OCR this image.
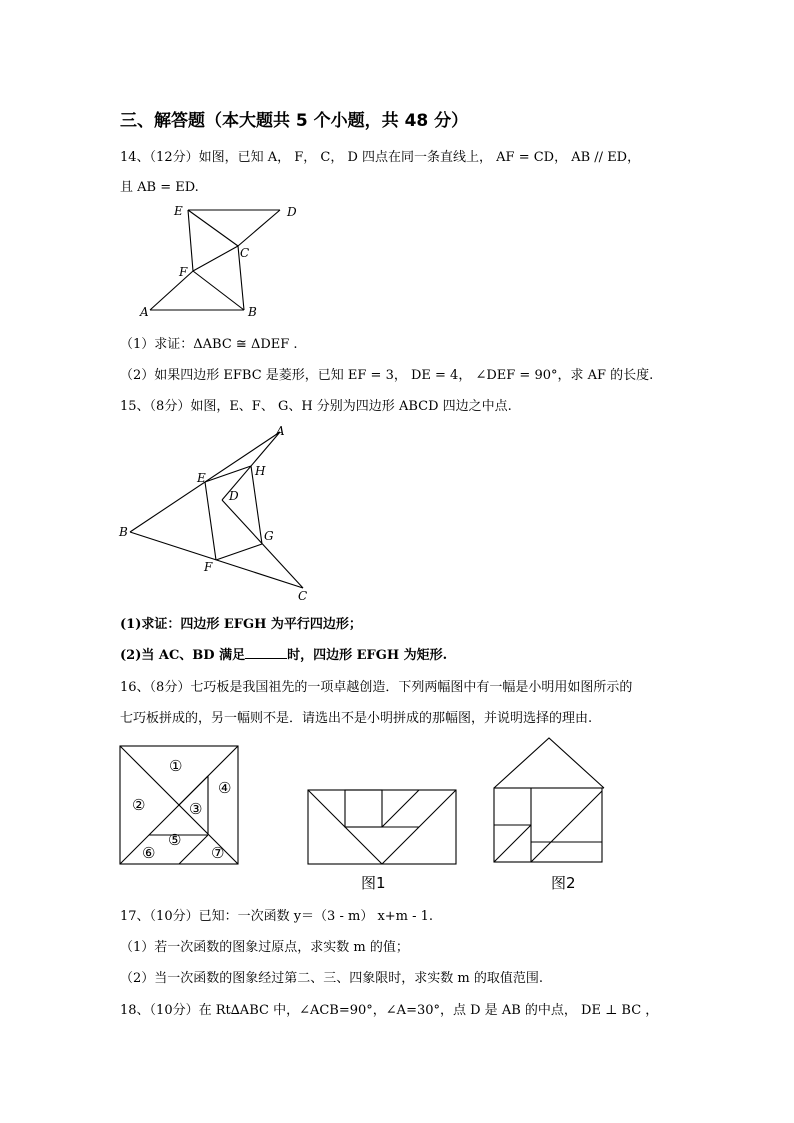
三、解答题（本大题共 5 个小题，共 48 分）
14、（12分）如图，已知 A， F， C， D 四点在同一条直线上， AF = CD， AB // ED，
且 AB = ED.
E	D
C
F
A	B
（1）求证：ΔABC ≅ ΔDEF .
（2）如果四边形 EFBC 是菱形，已知 EF = 3， DE = 4， ∠DEF = 90°，求 AF 的长度.
15、（8分）如图，E、F、 G、H 分别为四边形 ABCD 四边之中点.
A
H
E
D
B	G
F
C
(1)求证：四边形 EFGH 为平行四边形；
(2)当 AC、BD 满足	时，四边形 EFGH 为矩形.
16、（8分）七巧板是我国祖先的一项卓越创造．下列两幅图中有一幅是小明用如图所示的
七巧板拼成的，另一幅则不是．请选出不是小明拼成的那幅图，并说明选择的理由.
①
②	③
④
⑤
⑥	⑦
图1	图2
17、（10分）已知：一次函数 y＝（3 - m） x+m - 1.
（1）若一次函数的图象过原点，求实数 m 的值；
（2）当一次函数的图象经过第二、三、四象限时，求实数 m 的取值范围.
18、（10分）在 Rt∆ABC 中，∠ACB=90°，∠A=30°，点 D 是 AB 的中点， DE ⊥ BC ，
